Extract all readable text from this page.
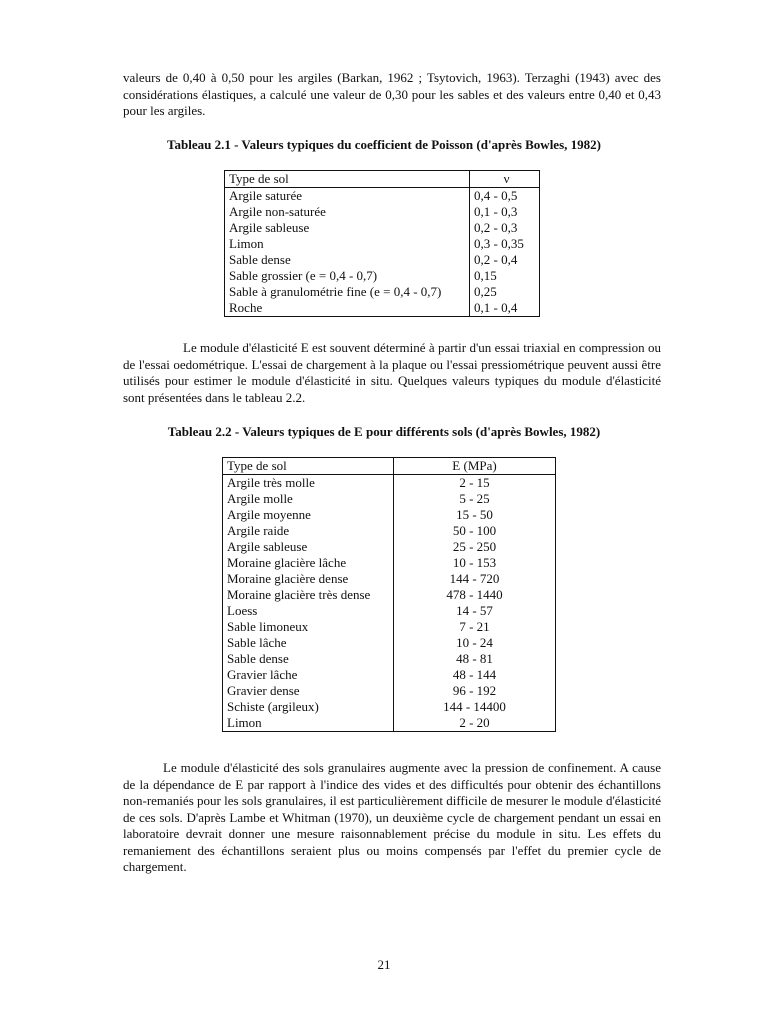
valeurs de 0,40 à 0,50 pour les argiles (Barkan, 1962 ; Tsytovich, 1963). Terzaghi (1943) avec des considérations élastiques, a calculé une valeur de 0,30 pour les sables et des valeurs entre 0,40 et 0,43 pour les argiles.

Tableau 2.1 - Valeurs typiques du coefficient de Poisson (d'après Bowles, 1982)

Type de sol	ν
Argile saturée	0,4 - 0,5
Argile non-saturée	0,1 - 0,3
Argile sableuse	0,2 - 0,3
Limon	0,3 - 0,35
Sable dense	0,2 - 0,4
Sable grossier (e = 0,4 - 0,7)	0,15
Sable à granulométrie fine (e = 0,4 - 0,7)	0,25
Roche	0,1 - 0,4

Le module d'élasticité E est souvent déterminé à partir d'un essai triaxial en compression ou de l'essai oedométrique. L'essai de chargement à la plaque ou l'essai pressiométrique peuvent aussi être utilisés pour estimer le module d'élasticité in situ. Quelques valeurs typiques du module d'élasticité sont présentées dans le tableau 2.2.

Tableau 2.2 - Valeurs typiques de E pour différents sols (d'après Bowles, 1982)

Type de sol	E (MPa)
Argile très molle	2 - 15
Argile molle	5 - 25
Argile moyenne	15 - 50
Argile raide	50 - 100
Argile sableuse	25 - 250
Moraine glacière lâche	10 - 153
Moraine glacière dense	144 - 720
Moraine glacière très dense	478 - 1440
Loess	14 - 57
Sable limoneux	7 - 21
Sable lâche	10 - 24
Sable dense	48 - 81
Gravier lâche	48 - 144
Gravier dense	96 - 192
Schiste (argileux)	144 - 14400
Limon	2 - 20

Le module d'élasticité des sols granulaires augmente avec la pression de confinement. A cause de la dépendance de E par rapport à l'indice des vides et des difficultés pour obtenir des échantillons non-remaniés pour les sols granulaires, il est particulièrement difficile de mesurer le module d'élasticité de ces sols. D'après Lambe et Whitman (1970), un deuxième cycle de chargement pendant un essai en laboratoire devrait donner une mesure raisonnablement précise du module in situ. Les effets du remaniement des échantillons seraient plus ou moins compensés par l'effet du premier cycle de chargement.

21
